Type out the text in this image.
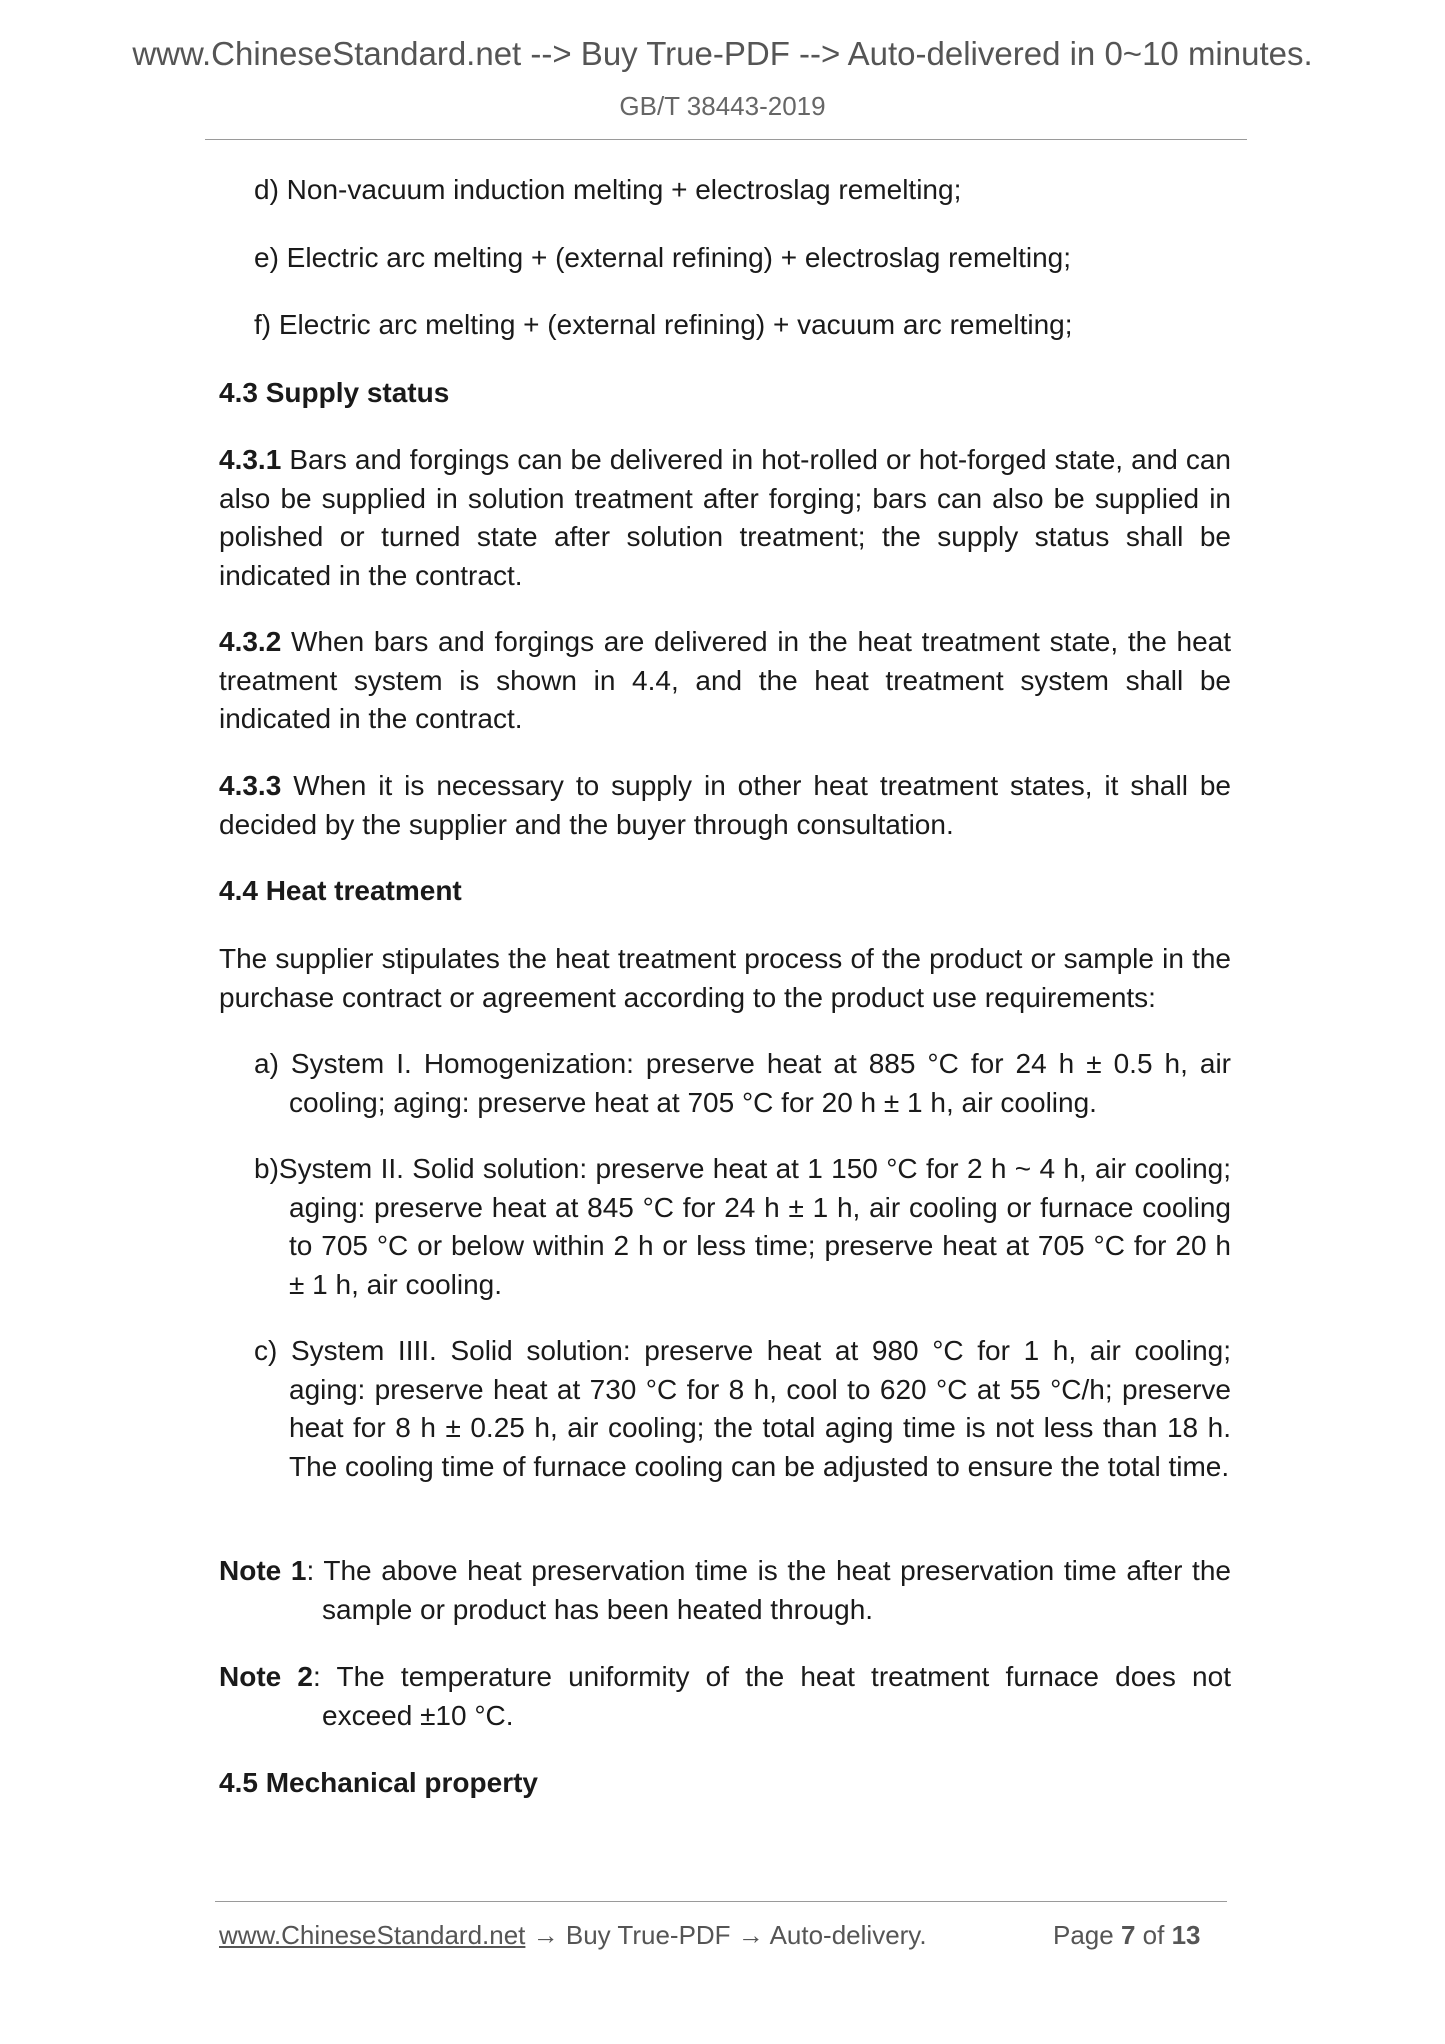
www.ChineseStandard.net --> Buy True-PDF --> Auto-delivered in 0~10 minutes.
GB/T 38443-2019

d) Non-vacuum induction melting + electroslag remelting;

e) Electric arc melting + (external refining) + electroslag remelting;

f) Electric arc melting + (external refining) + vacuum arc remelting;

4.3 Supply status

4.3.1 Bars and forgings can be delivered in hot-rolled or hot-forged state, and can also be supplied in solution treatment after forging; bars can also be supplied in polished or turned state after solution treatment; the supply status shall be indicated in the contract.

4.3.2 When bars and forgings are delivered in the heat treatment state, the heat treatment system is shown in 4.4, and the heat treatment system shall be indicated in the contract.

4.3.3 When it is necessary to supply in other heat treatment states, it shall be decided by the supplier and the buyer through consultation.

4.4 Heat treatment

The supplier stipulates the heat treatment process of the product or sample in the purchase contract or agreement according to the product use requirements:

a) System I. Homogenization: preserve heat at 885 °C for 24 h ± 0.5 h, air cooling; aging: preserve heat at 705 °C for 20 h ± 1 h, air cooling.
b)System II. Solid solution: preserve heat at 1 150 °C for 2 h ~ 4 h, air cooling; aging: preserve heat at 845 °C for 24 h ± 1 h, air cooling or furnace cooling to 705 °C or below within 2 h or less time; preserve heat at 705 °C for 20 h ± 1 h, air cooling.
c) System IIII. Solid solution: preserve heat at 980 °C for 1 h, air cooling; aging: preserve heat at 730 °C for 8 h, cool to 620 °C at 55 °C/h; preserve heat for 8 h ± 0.25 h, air cooling; the total aging time is not less than 18 h. The cooling time of furnace cooling can be adjusted to ensure the total time.
Note 1: The above heat preservation time is the heat preservation time after the sample or product has been heated through.
Note 2: The temperature uniformity of the heat treatment furnace does not exceed ±10 °C.

4.5 Mechanical property

www.ChineseStandard.net → Buy True-PDF → Auto-delivery.	Page 7 of 13
